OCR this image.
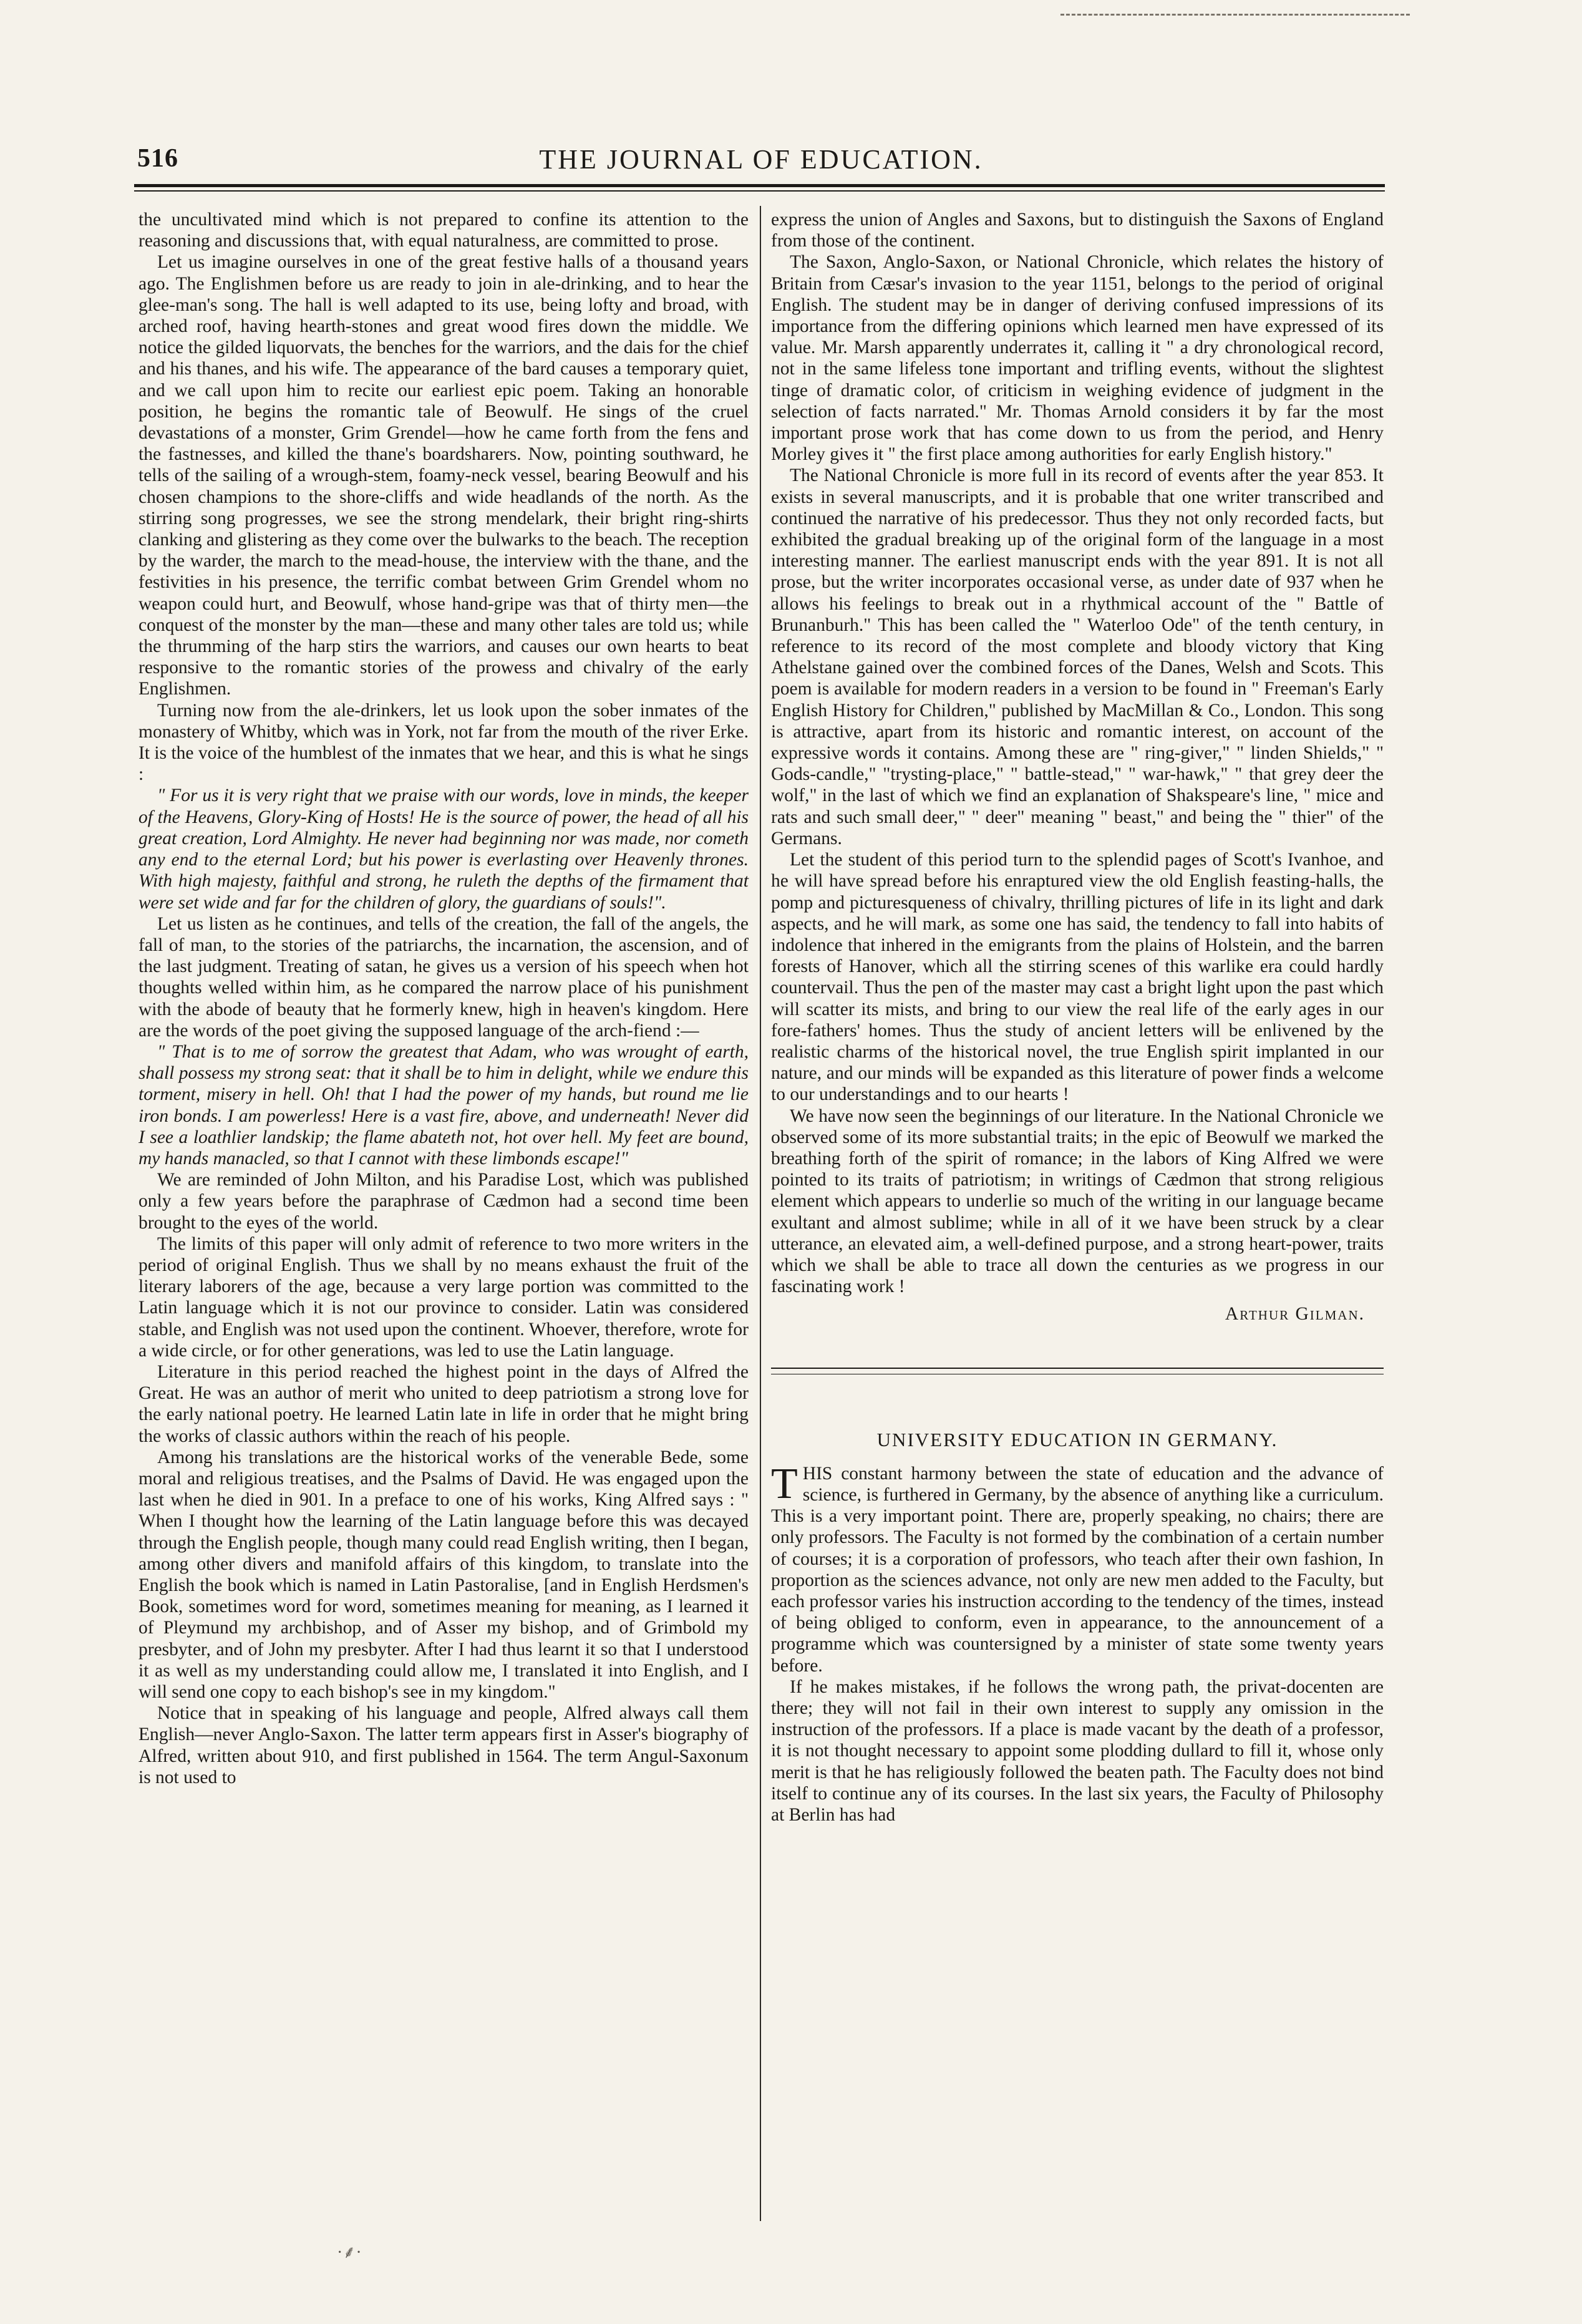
516	THE JOURNAL OF EDUCATION.

the uncultivated mind which is not prepared to confine its attention to the reasoning and discussions that, with equal naturalness, are committed to prose.

Let us imagine ourselves in one of the great festive halls of a thousand years ago. The Englishmen before us are ready to join in ale-drinking, and to hear the glee-man's song. The hall is well adapted to its use, being lofty and broad, with arched roof, having hearth-stones and great wood fires down the middle. We notice the gilded liquorvats, the benches for the warriors, and the dais for the chief and his thanes, and his wife. The appearance of the bard causes a temporary quiet, and we call upon him to recite our earliest epic poem. Taking an honorable position, he begins the romantic tale of Beowulf. He sings of the cruel devastations of a monster, Grim Grendel—how he came forth from the fens and the fastnesses, and killed the thane's boardsharers. Now, pointing southward, he tells of the sailing of a wrough-stem, foamy-neck vessel, bearing Beowulf and his chosen champions to the shore-cliffs and wide headlands of the north. As the stirring song progresses, we see the strong mendelark, their bright ring-shirts clanking and glistering as they come over the bulwarks to the beach. The reception by the warder, the march to the mead-house, the interview with the thane, and the festivities in his presence, the terrific combat between Grim Grendel whom no weapon could hurt, and Beowulf, whose hand-gripe was that of thirty men—the conquest of the monster by the man—these and many other tales are told us; while the thrumming of the harp stirs the warriors, and causes our own hearts to beat responsive to the romantic stories of the prowess and chivalry of the early Englishmen.

Turning now from the ale-drinkers, let us look upon the sober inmates of the monastery of Whitby, which was in York, not far from the mouth of the river Erke. It is the voice of the humblest of the inmates that we hear, and this is what he sings :

" For us it is very right that we praise with our words, love in minds, the keeper of the Heavens, Glory-King of Hosts! He is the source of power, the head of all his great creation, Lord Almighty. He never had beginning nor was made, nor cometh any end to the eternal Lord; but his power is everlasting over Heavenly thrones. With high majesty, faithful and strong, he ruleth the depths of the firmament that were set wide and far for the children of glory, the guardians of souls!".

Let us listen as he continues, and tells of the creation, the fall of the angels, the fall of man, to the stories of the patriarchs, the incarnation, the ascension, and of the last judgment. Treating of satan, he gives us a version of his speech when hot thoughts welled within him, as he compared the narrow place of his punishment with the abode of beauty that he formerly knew, high in heaven's kingdom. Here are the words of the poet giving the supposed language of the arch-fiend :—

" That is to me of sorrow the greatest that Adam, who was wrought of earth, shall possess my strong seat: that it shall be to him in delight, while we endure this torment, misery in hell. Oh! that I had the power of my hands, but round me lie iron bonds. I am powerless! Here is a vast fire, above, and underneath! Never did I see a loathlier landskip; the flame abateth not, hot over hell. My feet are bound, my hands manacled, so that I cannot with these limbonds escape!"

We are reminded of John Milton, and his Paradise Lost, which was published only a few years before the paraphrase of Cædmon had a second time been brought to the eyes of the world.

The limits of this paper will only admit of reference to two more writers in the period of original English. Thus we shall by no means exhaust the fruit of the literary laborers of the age, because a very large portion was committed to the Latin language which it is not our province to consider. Latin was considered stable, and English was not used upon the continent. Whoever, therefore, wrote for a wide circle, or for other generations, was led to use the Latin language.

Literature in this period reached the highest point in the days of Alfred the Great. He was an author of merit who united to deep patriotism a strong love for the early national poetry. He learned Latin late in life in order that he might bring the works of classic authors within the reach of his people.

Among his translations are the historical works of the venerable Bede, some moral and religious treatises, and the Psalms of David. He was engaged upon the last when he died in 901. In a preface to one of his works, King Alfred says : " When I thought how the learning of the Latin language before this was decayed through the English people, though many could read English writing, then I began, among other divers and manifold affairs of this kingdom, to translate into the English the book which is named in Latin Pastoralise, [and in English Herdsmen's Book, sometimes word for word, sometimes meaning for meaning, as I learned it of Pleymund my archbishop, and of Asser my bishop, and of Grimbold my presbyter, and of John my presbyter. After I had thus learnt it so that I understood it as well as my understanding could allow me, I translated it into English, and I will send one copy to each bishop's see in my kingdom."

Notice that in speaking of his language and people, Alfred always call them English—never Anglo-Saxon. The latter term appears first in Asser's biography of Alfred, written about 910, and first published in 1564. The term Angul-Saxonum is not used to

express the union of Angles and Saxons, but to distinguish the Saxons of England from those of the continent.

The Saxon, Anglo-Saxon, or National Chronicle, which relates the history of Britain from Cæsar's invasion to the year 1151, belongs to the period of original English. The student may be in danger of deriving confused impressions of its importance from the differing opinions which learned men have expressed of its value. Mr. Marsh apparently underrates it, calling it " a dry chronological record, not in the same lifeless tone important and trifling events, without the slightest tinge of dramatic color, of criticism in weighing evidence of judgment in the selection of facts narrated." Mr. Thomas Arnold considers it by far the most important prose work that has come down to us from the period, and Henry Morley gives it " the first place among authorities for early English history."

The National Chronicle is more full in its record of events after the year 853. It exists in several manuscripts, and it is probable that one writer transcribed and continued the narrative of his predecessor. Thus they not only recorded facts, but exhibited the gradual breaking up of the original form of the language in a most interesting manner. The earliest manuscript ends with the year 891. It is not all prose, but the writer incorporates occasional verse, as under date of 937 when he allows his feelings to break out in a rhythmical account of the " Battle of Brunanburh." This has been called the " Waterloo Ode" of the tenth century, in reference to its record of the most complete and bloody victory that King Athelstane gained over the combined forces of the Danes, Welsh and Scots. This poem is available for modern readers in a version to be found in " Freeman's Early English History for Children," published by MacMillan & Co., London. This song is attractive, apart from its historic and romantic interest, on account of the expressive words it contains. Among these are " ring-giver," " linden Shields," " Gods-candle," "trysting-place," " battle-stead," " war-hawk," " that grey deer the wolf," in the last of which we find an explanation of Shakspeare's line, " mice and rats and such small deer," " deer" meaning " beast," and being the " thier" of the Germans.

Let the student of this period turn to the splendid pages of Scott's Ivanhoe, and he will have spread before his enraptured view the old English feasting-halls, the pomp and picturesqueness of chivalry, thrilling pictures of life in its light and dark aspects, and he will mark, as some one has said, the tendency to fall into habits of indolence that inhered in the emigrants from the plains of Holstein, and the barren forests of Hanover, which all the stirring scenes of this warlike era could hardly countervail. Thus the pen of the master may cast a bright light upon the past which will scatter its mists, and bring to our view the real life of the early ages in our fore-fathers' homes. Thus the study of ancient letters will be enlivened by the realistic charms of the historical novel, the true English spirit implanted in our nature, and our minds will be expanded as this literature of power finds a welcome to our understandings and to our hearts !

We have now seen the beginnings of our literature. In the National Chronicle we observed some of its more substantial traits; in the epic of Beowulf we marked the breathing forth of the spirit of romance; in the labors of King Alfred we were pointed to its traits of patriotism; in writings of Cædmon that strong religious element which appears to underlie so much of the writing in our language became exultant and almost sublime; while in all of it we have been struck by a clear utterance, an elevated aim, a well-defined purpose, and a strong heart-power, traits which we shall be able to trace all down the centuries as we progress in our fascinating work !

Arthur Gilman.

UNIVERSITY EDUCATION IN GERMANY.

THIS constant harmony between the state of education and the advance of science, is furthered in Germany, by the absence of anything like a curriculum. This is a very important point. There are, properly speaking, no chairs; there are only professors. The Faculty is not formed by the combination of a certain number of courses; it is a corporation of professors, who teach after their own fashion, In proportion as the sciences advance, not only are new men added to the Faculty, but each professor varies his instruction according to the tendency of the times, instead of being obliged to conform, even in appearance, to the announcement of a programme which was countersigned by a minister of state some twenty years before.

If he makes mistakes, if he follows the wrong path, the privat-docenten are there; they will not fail in their own interest to supply any omission in the instruction of the professors. If a place is made vacant by the death of a professor, it is not thought necessary to appoint some plodding dullard to fill it, whose only merit is that he has religiously followed the beaten path. The Faculty does not bind itself to continue any of its courses. In the last six years, the Faculty of Philosophy at Berlin has had

·⸙·
